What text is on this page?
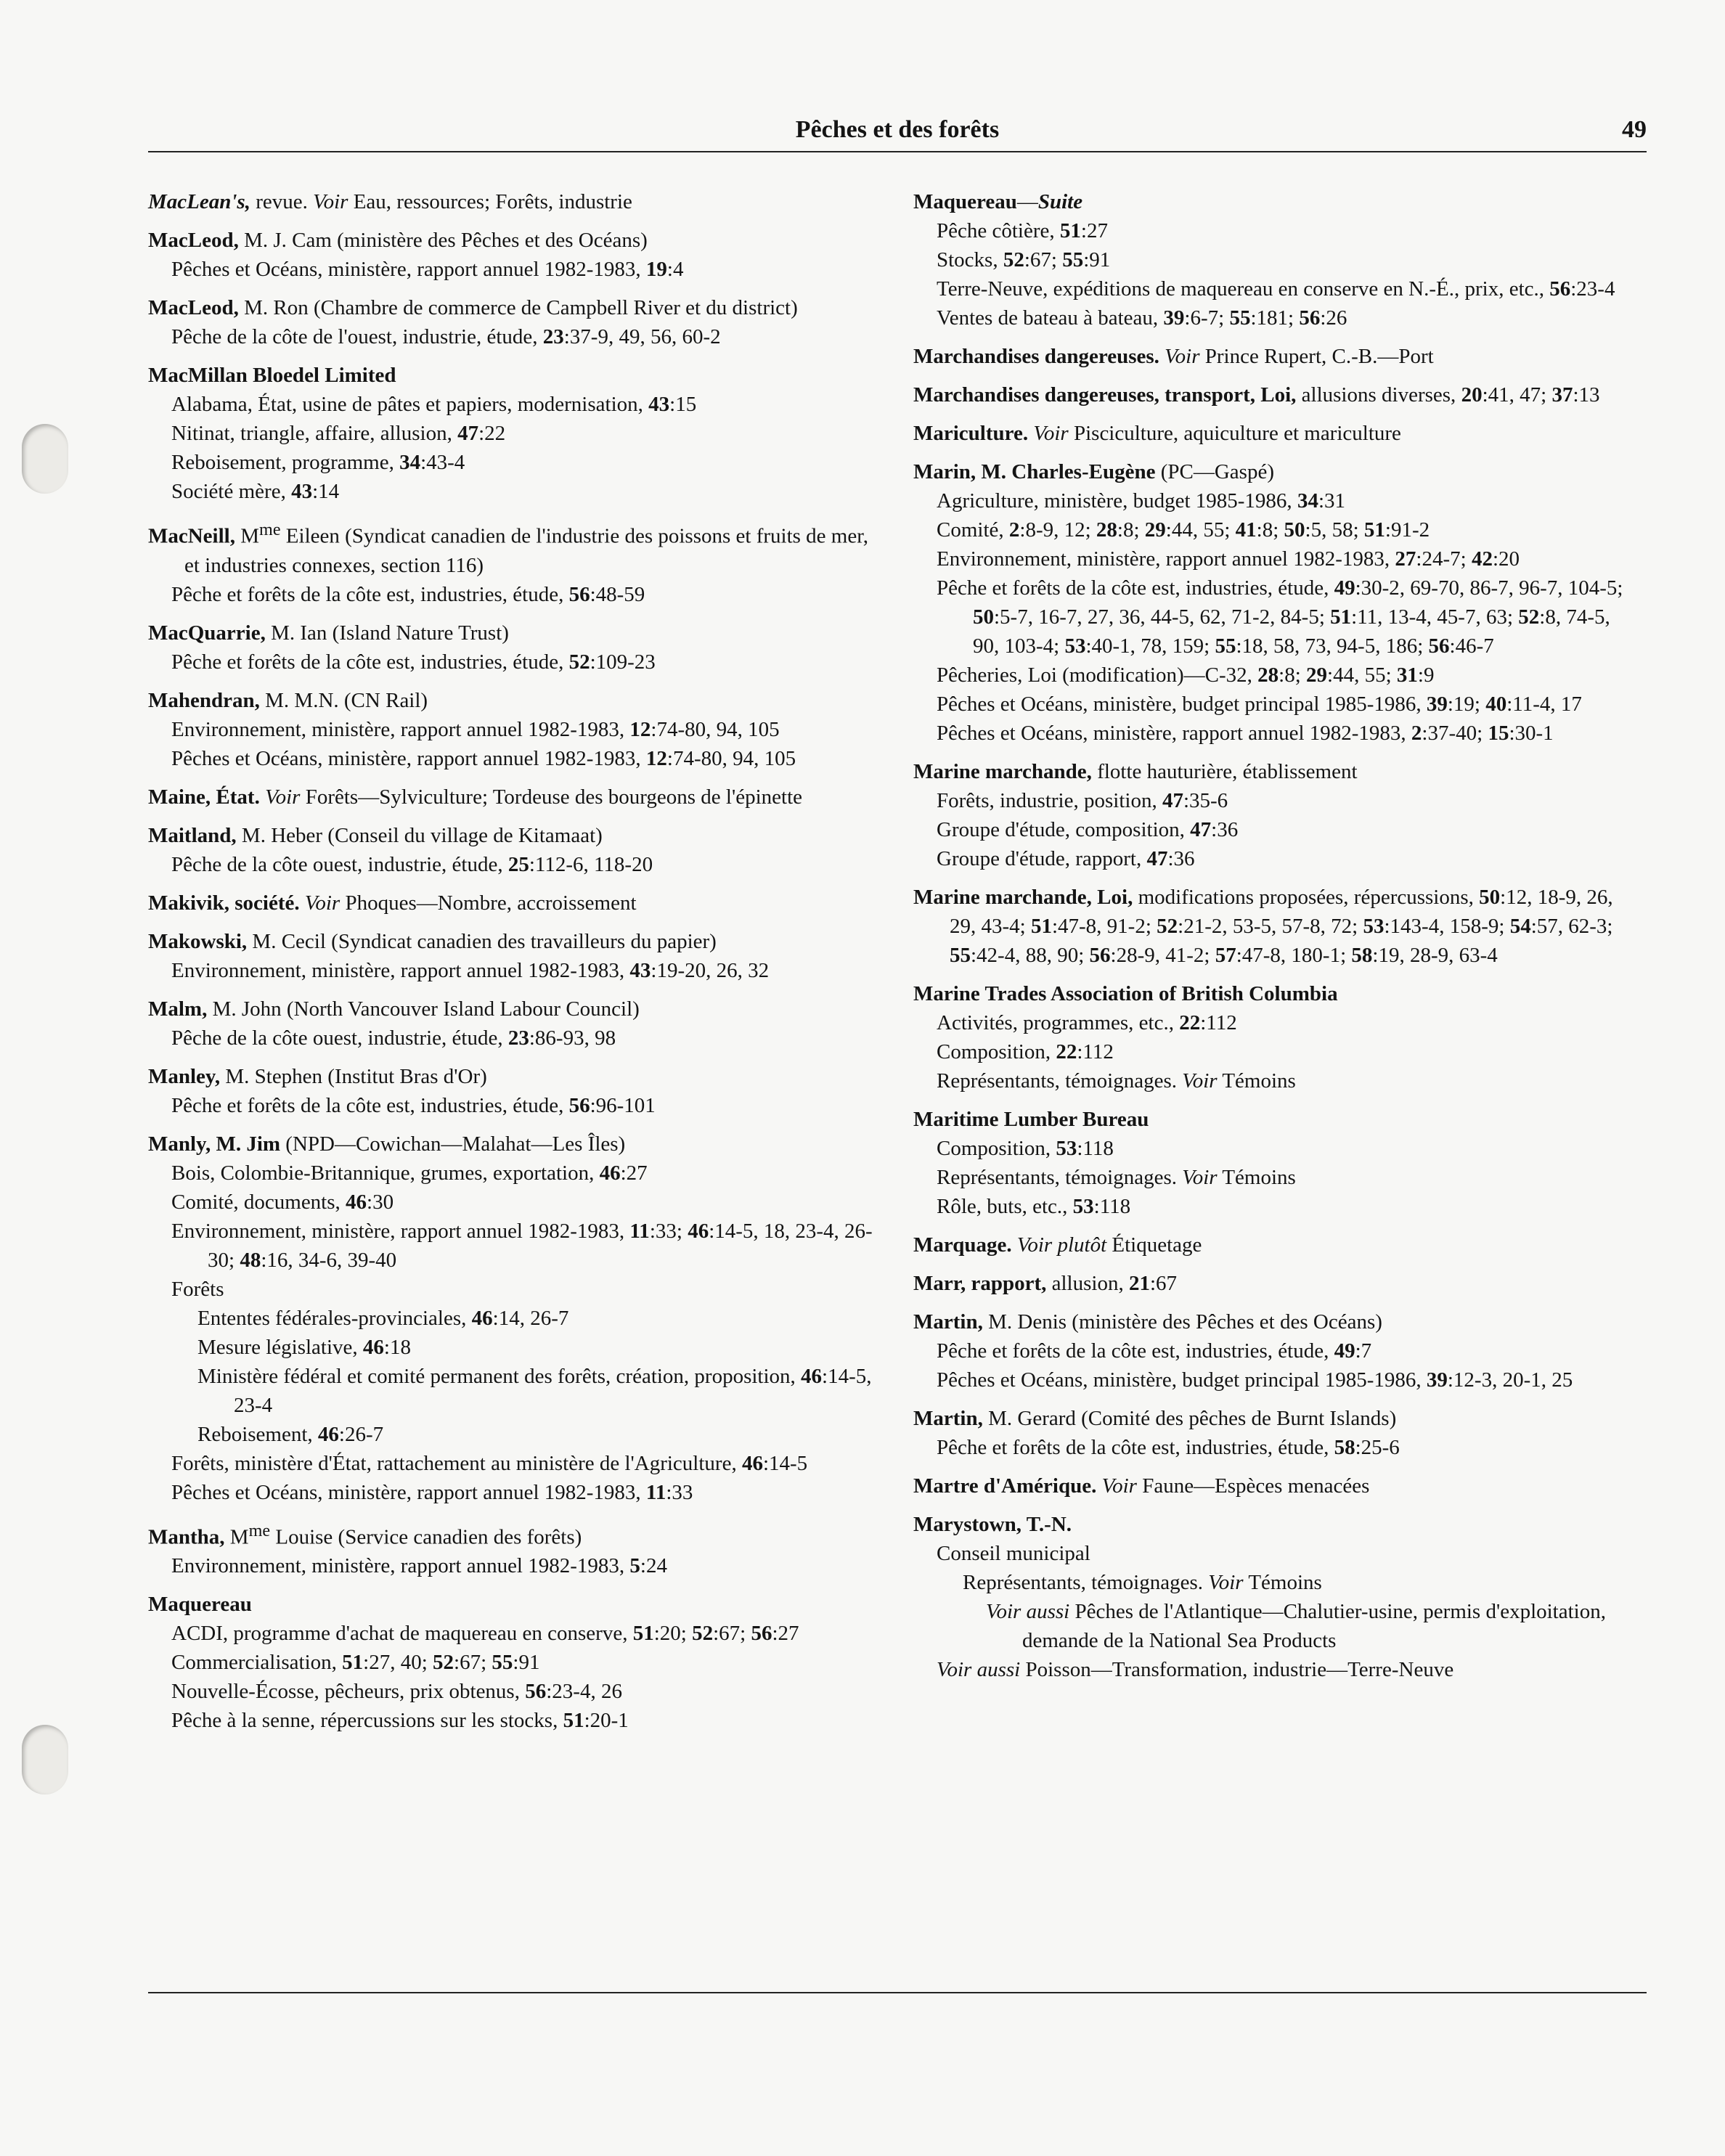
Pêches et des forêts	49
MacLean's, revue. Voir Eau, ressources; Forêts, industrie
MacLeod, M. J. Cam (ministère des Pêches et des Océans)
Pêches et Océans, ministère, rapport annuel 1982-1983, 19:4
MacLeod, M. Ron (Chambre de commerce de Campbell River et du district)
Pêche de la côte de l'ouest, industrie, étude, 23:37-9, 49, 56, 60-2
MacMillan Bloedel Limited
Alabama, État, usine de pâtes et papiers, modernisation, 43:15
Nitinat, triangle, affaire, allusion, 47:22
Reboisement, programme, 34:43-4
Société mère, 43:14
MacNeill, $M^{me}$ Eileen (Syndicat canadien de l'industrie des poissons et fruits de mer, et industries connexes, section 116)
Pêche et forêts de la côte est, industries, étude, 56:48-59
MacQuarrie, M. Ian (Island Nature Trust)
Pêche et forêts de la côte est, industries, étude, 52:109-23
Mahendran, M. M.N. (CN Rail)
Environnement, ministère, rapport annuel 1982-1983, 12:74-80, 94, 105
Pêches et Océans, ministère, rapport annuel 1982-1983, 12:74-80, 94, 105
Maine, État. Voir Forêts—Sylviculture; Tordeuse des bourgeons de l'épinette
Maitland, M. Heber (Conseil du village de Kitamaat)
Pêche de la côte ouest, industrie, étude, 25:112-6, 118-20
Makivik, société. Voir Phoques—Nombre, accroissement
Makowski, M. Cecil (Syndicat canadien des travailleurs du papier)
Environnement, ministère, rapport annuel 1982-1983, 43:19-20, 26, 32
Malm, M. John (North Vancouver Island Labour Council)
Pêche de la côte ouest, industrie, étude, 23:86-93, 98
Manley, M. Stephen (Institut Bras d'Or)
Pêche et forêts de la côte est, industries, étude, 56:96-101
Manly, M. Jim (NPD—Cowichan—Malahat—Les Îles)
Bois, Colombie-Britannique, grumes, exportation, 46:27
Comité, documents, 46:30
Environnement, ministère, rapport annuel 1982-1983, 11:33; 46:14-5, 18, 23-4, 26-30; 48:16, 34-6, 39-40
Forêts
Ententes fédérales-provinciales, 46:14, 26-7
Mesure législative, 46:18
Ministère fédéral et comité permanent des forêts, création, proposition, 46:14-5, 23-4
Reboisement, 46:26-7
Forêts, ministère d'État, rattachement au ministère de l'Agriculture, 46:14-5
Pêches et Océans, ministère, rapport annuel 1982-1983, 11:33
Mantha, $M^{me}$ Louise (Service canadien des forêts)
Environnement, ministère, rapport annuel 1982-1983, 5:24
Maquereau
ACDI, programme d'achat de maquereau en conserve, 51:20; 52:67; 56:27
Commercialisation, 51:27, 40; 52:67; 55:91
Nouvelle-Écosse, pêcheurs, prix obtenus, 56:23-4, 26
Pêche à la senne, répercussions sur les stocks, 51:20-1
Maquereau—Suite
Pêche côtière, 51:27
Stocks, 52:67; 55:91
Terre-Neuve, expéditions de maquereau en conserve en N.-É., prix, etc., 56:23-4
Ventes de bateau à bateau, 39:6-7; 55:181; 56:26
Marchandises dangereuses. Voir Prince Rupert, C.-B.—Port
Marchandises dangereuses, transport, Loi, allusions diverses, 20:41, 47; 37:13
Mariculture. Voir Pisciculture, aquiculture et mariculture
Marin, M. Charles-Eugène (PC—Gaspé)
Agriculture, ministère, budget 1985-1986, 34:31
Comité, 2:8-9, 12; 28:8; 29:44, 55; 41:8; 50:5, 58; 51:91-2
Environnement, ministère, rapport annuel 1982-1983, 27:24-7; 42:20
Pêche et forêts de la côte est, industries, étude, 49:30-2, 69-70, 86-7, 96-7, 104-5; 50:5-7, 16-7, 27, 36, 44-5, 62, 71-2, 84-5; 51:11, 13-4, 45-7, 63; 52:8, 74-5, 90, 103-4; 53:40-1, 78, 159; 55:18, 58, 73, 94-5, 186; 56:46-7
Pêcheries, Loi (modification)—C-32, 28:8; 29:44, 55; 31:9
Pêches et Océans, ministère, budget principal 1985-1986, 39:19; 40:11-4, 17
Pêches et Océans, ministère, rapport annuel 1982-1983, 2:37-40; 15:30-1
Marine marchande, flotte hauturière, établissement
Forêts, industrie, position, 47:35-6
Groupe d'étude, composition, 47:36
Groupe d'étude, rapport, 47:36
Marine marchande, Loi, modifications proposées, répercussions, 50:12, 18-9, 26, 29, 43-4; 51:47-8, 91-2; 52:21-2, 53-5, 57-8, 72; 53:143-4, 158-9; 54:57, 62-3; 55:42-4, 88, 90; 56:28-9, 41-2; 57:47-8, 180-1; 58:19, 28-9, 63-4
Marine Trades Association of British Columbia
Activités, programmes, etc., 22:112
Composition, 22:112
Représentants, témoignages. Voir Témoins
Maritime Lumber Bureau
Composition, 53:118
Représentants, témoignages. Voir Témoins
Rôle, buts, etc., 53:118
Marquage. Voir plutôt Étiquetage
Marr, rapport, allusion, 21:67
Martin, M. Denis (ministère des Pêches et des Océans)
Pêche et forêts de la côte est, industries, étude, 49:7
Pêches et Océans, ministère, budget principal 1985-1986, 39:12-3, 20-1, 25
Martin, M. Gerard (Comité des pêches de Burnt Islands)
Pêche et forêts de la côte est, industries, étude, 58:25-6
Martre d'Amérique. Voir Faune—Espèces menacées
Marystown, T.-N.
Conseil municipal
Représentants, témoignages. Voir Témoins
Voir aussi Pêches de l'Atlantique—Chalutier-usine, permis d'exploitation, demande de la National Sea Products
Voir aussi Poisson—Transformation, industrie—Terre-Neuve
